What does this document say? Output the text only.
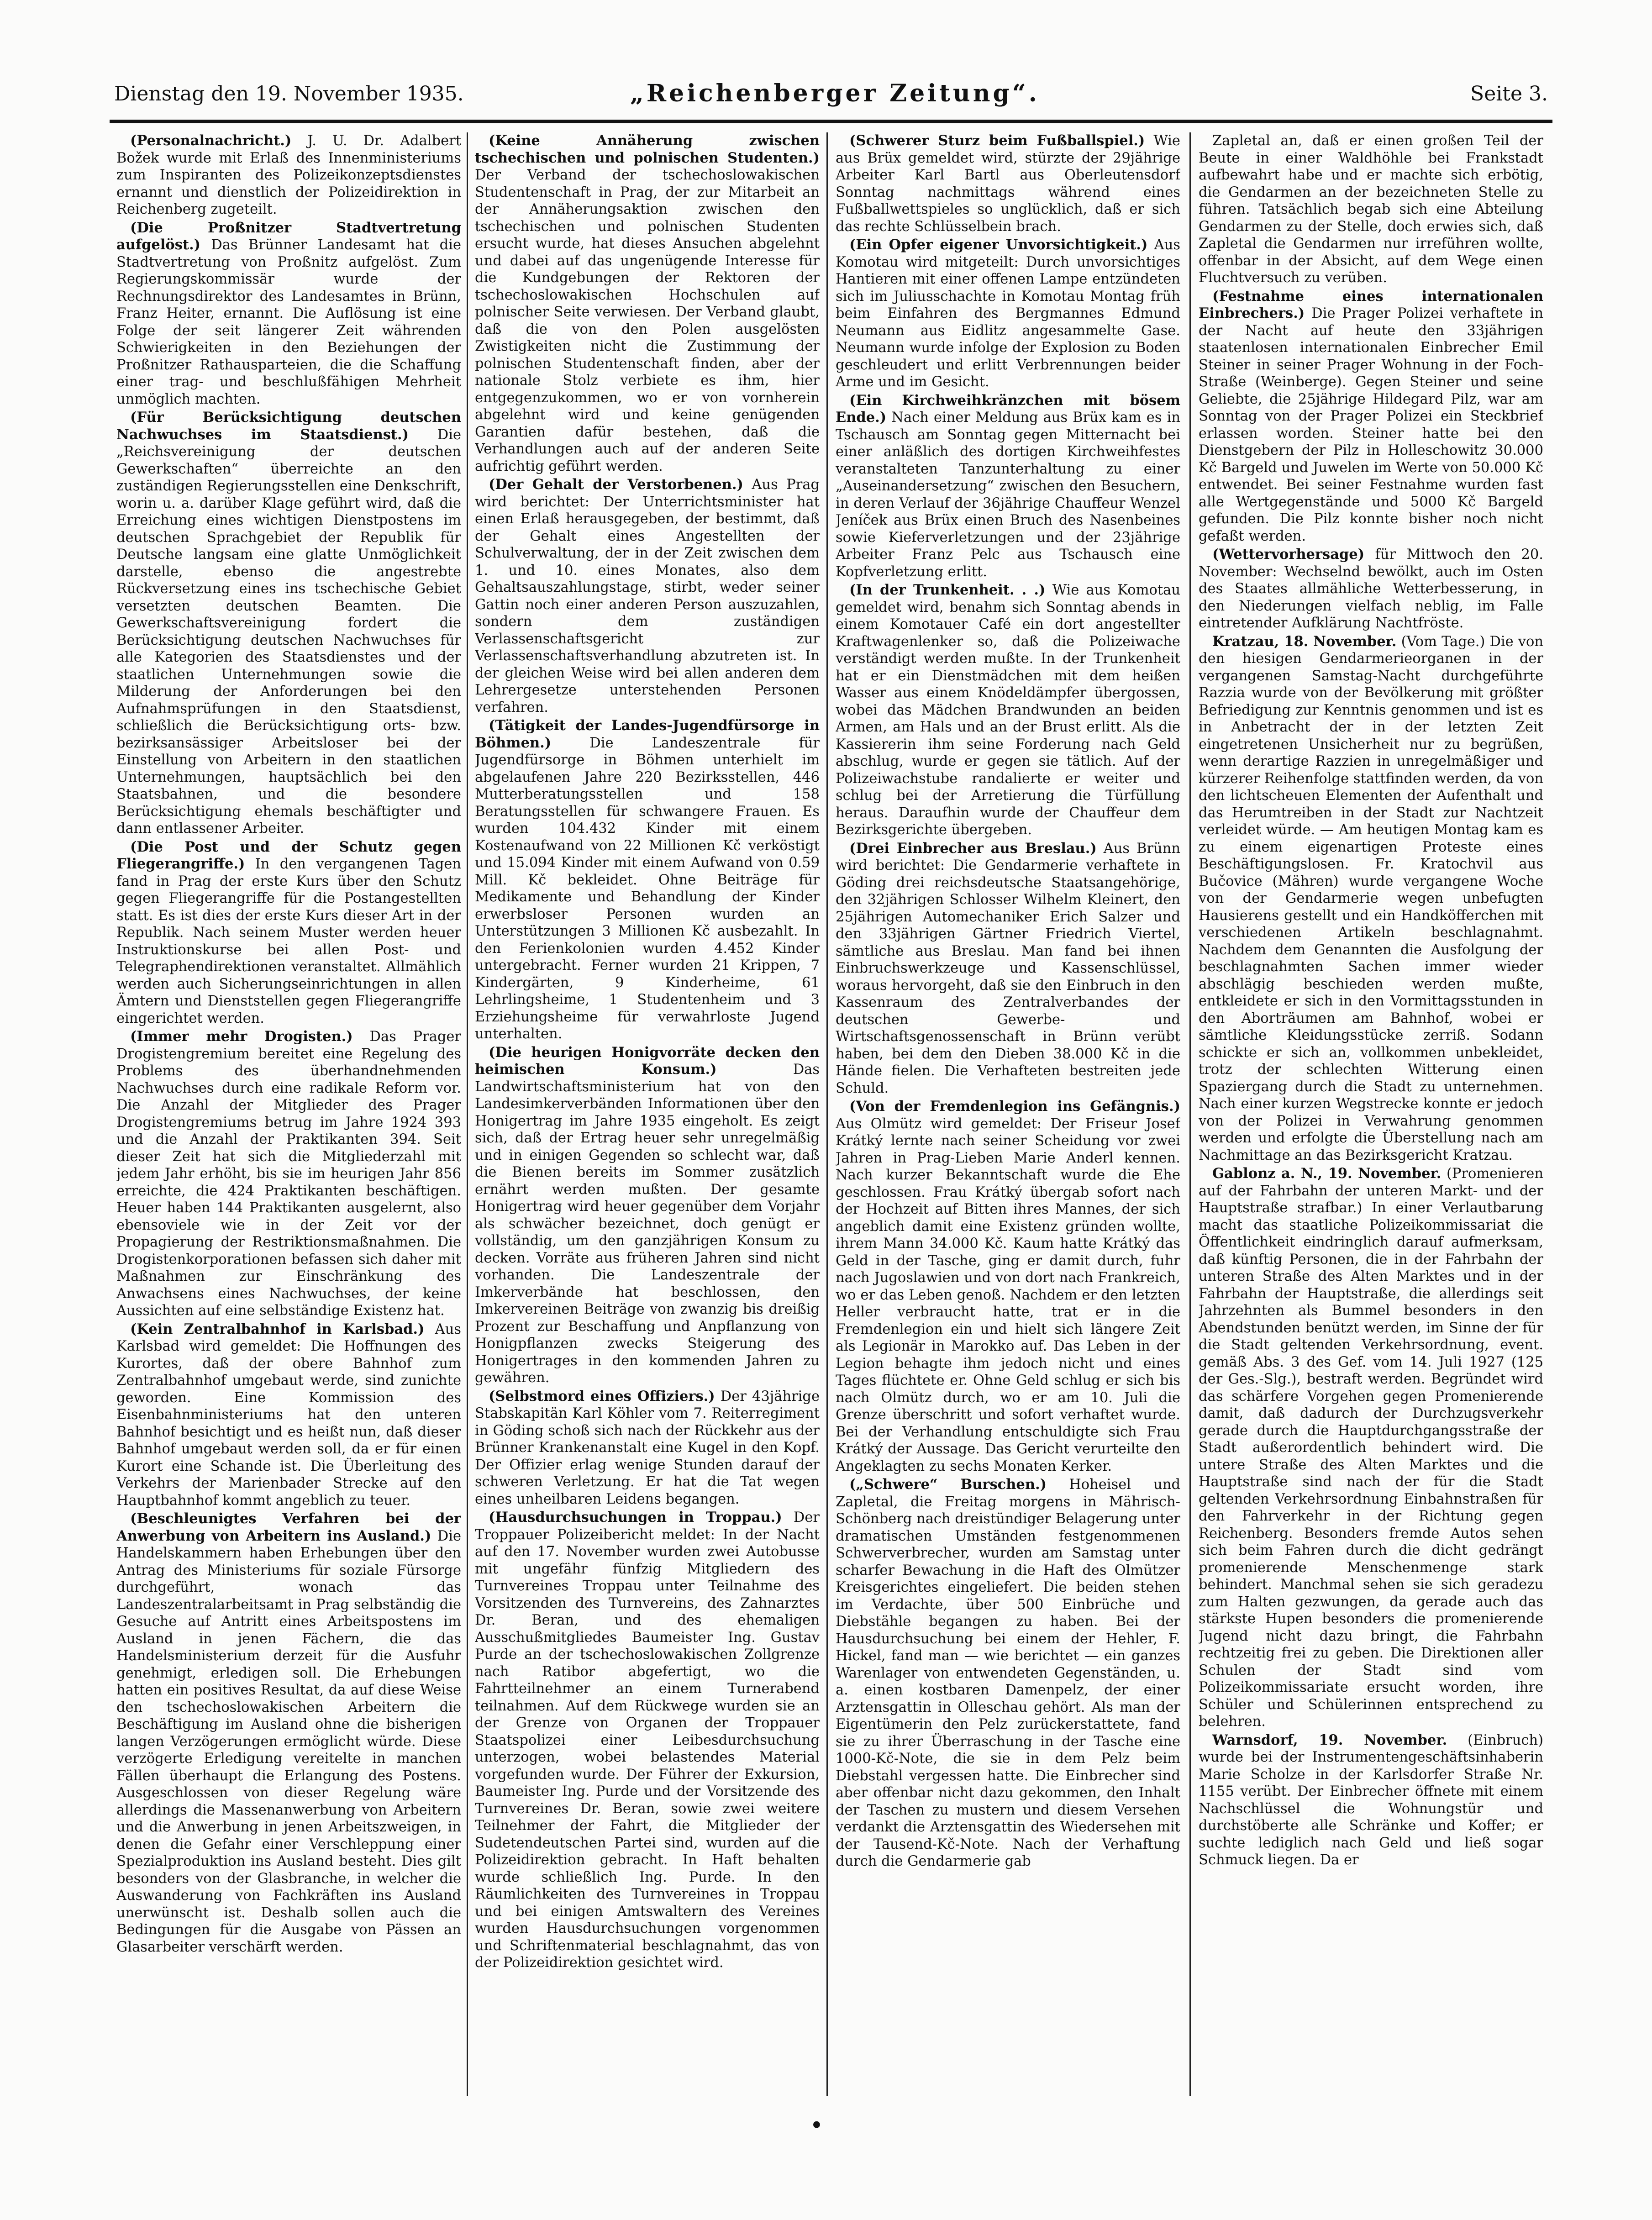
Dienstag den 19. November 1935.	„Reichenberger Zeitung“.	Seite 3.

(Personalnachricht.) J. U. Dr. Adalbert Božek wurde mit Erlaß des Innenministeriums zum Inspiranten des Polizeikonzeptsdienstes ernannt und dienstlich der Polizeidirektion in Reichenberg zugeteilt.

(Die Proßnitzer Stadtvertretung aufgelöst.) Das Brünner Landesamt hat die Stadtvertretung von Proßnitz aufgelöst. Zum Regierungskommissär wurde der Rechnungsdirektor des Landesamtes in Brünn, Franz Heiter, ernannt. Die Auflösung ist eine Folge der seit längerer Zeit währenden Schwierigkeiten in den Beziehungen der Proßnitzer Rathausparteien, die die Schaffung einer trag- und beschlußfähigen Mehrheit unmöglich machten.

(Für Berücksichtigung deutschen Nachwuchses im Staatsdienst.) Die „Reichsvereinigung der deutschen Gewerkschaften“ überreichte an den zuständigen Regierungsstellen eine Denkschrift, worin u. a. darüber Klage geführt wird, daß die Erreichung eines wichtigen Dienstpostens im deutschen Sprachgebiet der Republik für Deutsche langsam eine glatte Unmöglichkeit darstelle, ebenso die angestrebte Rückversetzung eines ins tschechische Gebiet versetzten deutschen Beamten. Die Gewerkschaftsvereinigung fordert die Berücksichtigung deutschen Nachwuchses für alle Kategorien des Staatsdienstes und der staatlichen Unternehmungen sowie die Milderung der Anforderungen bei den Aufnahmsprüfungen in den Staatsdienst, schließlich die Berücksichtigung orts- bzw. bezirksansässiger Arbeitsloser bei der Einstellung von Arbeitern in den staatlichen Unternehmungen, hauptsächlich bei den Staatsbahnen, und die besondere Berücksichtigung ehemals beschäftigter und dann entlassener Arbeiter.

(Die Post und der Schutz gegen Fliegerangriffe.) In den vergangenen Tagen fand in Prag der erste Kurs über den Schutz gegen Fliegerangriffe für die Postangestellten statt. Es ist dies der erste Kurs dieser Art in der Republik. Nach seinem Muster werden heuer Instruktionskurse bei allen Post- und Telegraphendirektionen veranstaltet. Allmählich werden auch Sicherungseinrichtungen in allen Ämtern und Dienststellen gegen Fliegerangriffe eingerichtet werden.

(Immer mehr Drogisten.) Das Prager Drogistengremium bereitet eine Regelung des Problems des überhandnehmenden Nachwuchses durch eine radikale Reform vor. Die Anzahl der Mitglieder des Prager Drogistengremiums betrug im Jahre 1924 393 und die Anzahl der Praktikanten 394. Seit dieser Zeit hat sich die Mitgliederzahl mit jedem Jahr erhöht, bis sie im heurigen Jahr 856 erreichte, die 424 Praktikanten beschäftigen. Heuer haben 144 Praktikanten ausgelernt, also ebensoviele wie in der Zeit vor der Propagierung der Restriktionsmaßnahmen. Die Drogistenkorporationen befassen sich daher mit Maßnahmen zur Einschränkung des Anwachsens eines Nachwuchses, der keine Aussichten auf eine selbständige Existenz hat.

(Kein Zentralbahnhof in Karlsbad.) Aus Karlsbad wird gemeldet: Die Hoffnungen des Kurortes, daß der obere Bahnhof zum Zentralbahnhof umgebaut werde, sind zunichte geworden. Eine Kommission des Eisenbahnministeriums hat den unteren Bahnhof besichtigt und es heißt nun, daß dieser Bahnhof umgebaut werden soll, da er für einen Kurort eine Schande ist. Die Überleitung des Verkehrs der Marienbader Strecke auf den Hauptbahnhof kommt angeblich zu teuer.

(Beschleunigtes Verfahren bei der Anwerbung von Arbeitern ins Ausland.) Die Handelskammern haben Erhebungen über den Antrag des Ministeriums für soziale Fürsorge durchgeführt, wonach das Landeszentralarbeitsamt in Prag selbständig die Gesuche auf Antritt eines Arbeitspostens im Ausland in jenen Fächern, die das Handelsministerium derzeit für die Ausfuhr genehmigt, erledigen soll. Die Erhebungen hatten ein positives Resultat, da auf diese Weise den tschechoslowakischen Arbeitern die Beschäftigung im Ausland ohne die bisherigen langen Verzögerungen ermöglicht würde. Diese verzögerte Erledigung vereitelte in manchen Fällen überhaupt die Erlangung des Postens. Ausgeschlossen von dieser Regelung wäre allerdings die Massenanwerbung von Arbeitern und die Anwerbung in jenen Arbeitszweigen, in denen die Gefahr einer Verschleppung einer Spezialproduktion ins Ausland besteht. Dies gilt besonders von der Glasbranche, in welcher die Auswanderung von Fachkräften ins Ausland unerwünscht ist. Deshalb sollen auch die Bedingungen für die Ausgabe von Pässen an Glasarbeiter verschärft werden.

(Keine Annäherung zwischen tschechischen und polnischen Studenten.) Der Verband der tschechoslowakischen Studentenschaft in Prag, der zur Mitarbeit an der Annäherungsaktion zwischen den tschechischen und polnischen Studenten ersucht wurde, hat dieses Ansuchen abgelehnt und dabei auf das ungenügende Interesse für die Kundgebungen der Rektoren der tschechoslowakischen Hochschulen auf polnischer Seite verwiesen. Der Verband glaubt, daß die von den Polen ausgelösten Zwistigkeiten nicht die Zustimmung der polnischen Studentenschaft finden, aber der nationale Stolz verbiete es ihm, hier entgegenzukommen, wo er von vornherein abgelehnt wird und keine genügenden Garantien dafür bestehen, daß die Verhandlungen auch auf der anderen Seite aufrichtig geführt werden.

(Der Gehalt der Verstorbenen.) Aus Prag wird berichtet: Der Unterrichtsminister hat einen Erlaß herausgegeben, der bestimmt, daß der Gehalt eines Angestellten der Schulverwaltung, der in der Zeit zwischen dem 1. und 10. eines Monates, also dem Gehaltsauszahlungstage, stirbt, weder seiner Gattin noch einer anderen Person auszuzahlen, sondern dem zuständigen Verlassenschaftsgericht zur Verlassenschaftsverhandlung abzutreten ist. In der gleichen Weise wird bei allen anderen dem Lehrergesetze unterstehenden Personen verfahren.

(Tätigkeit der Landes-Jugendfürsorge in Böhmen.)	Die Landeszentrale für Jugendfürsorge in Böhmen unterhielt im abgelaufenen Jahre 220 Bezirksstellen, 446 Mutterberatungsstellen und 158 Beratungsstellen für schwangere Frauen. Es wurden 104.432 Kinder mit einem Kostenaufwand von 22 Millionen Kč verköstigt und 15.094 Kinder mit einem Aufwand von 0.59 Mill. Kč bekleidet. Ohne Beiträge für Medikamente und Behandlung der Kinder erwerbsloser Personen wurden an Unterstützungen 3 Millionen Kč ausbezahlt. In den Ferienkolonien wurden 4.452 Kinder untergebracht. Ferner wurden 21 Krippen, 7 Kindergärten, 9 Kinderheime, 61 Lehrlingsheime, 1 Studentenheim und 3 Erziehungsheime für verwahrloste Jugend unterhalten.

(Die heurigen Honigvorräte decken den heimischen Konsum.)	Das Landwirtschaftsministerium hat von den Landesimkerverbänden Informationen über den Honigertrag im Jahre 1935 eingeholt. Es zeigt sich, daß der Ertrag heuer sehr unregelmäßig und in einigen Gegenden so schlecht war, daß die Bienen bereits im Sommer zusätzlich ernährt werden mußten. Der gesamte Honigertrag wird heuer gegenüber dem Vorjahr als schwächer bezeichnet, doch genügt er vollständig, um den ganzjährigen Konsum zu decken. Vorräte aus früheren Jahren sind nicht vorhanden. Die Landeszentrale der Imkerverbände hat beschlossen, den Imkervereinen Beiträge von zwanzig bis dreißig Prozent zur Beschaffung und Anpflanzung von Honigpflanzen zwecks Steigerung des Honigertrages in den kommenden Jahren zu gewähren.

(Selbstmord eines Offiziers.) Der 43jährige Stabskapitän Karl Köhler vom 7. Reiterregiment in Göding schoß sich nach der Rückkehr aus der Brünner Krankenanstalt eine Kugel in den Kopf. Der Offizier erlag wenige Stunden darauf der schweren Verletzung. Er hat die Tat wegen eines unheilbaren Leidens begangen.

(Hausdurchsuchungen in Troppau.) Der Troppauer Polizeibericht meldet: In der Nacht auf den 17. November wurden zwei Autobusse mit ungefähr fünfzig Mitgliedern des Turnvereines Troppau unter Teilnahme des Vorsitzenden des Turnvereins, des Zahnarztes Dr. Beran, und des ehemaligen Ausschußmitgliedes Baumeister Ing. Gustav Purde an der tschechoslowakischen Zollgrenze nach Ratibor abgefertigt, wo die Fahrtteilnehmer an einem Turnerabend teilnahmen. Auf dem Rückwege wurden sie an der Grenze von Organen der Troppauer Staatspolizei einer Leibesdurchsuchung unterzogen, wobei belastendes Material vorgefunden wurde. Der Führer der Exkursion, Baumeister Ing. Purde und der Vorsitzende des Turnvereines Dr. Beran, sowie zwei weitere Teilnehmer der Fahrt, die Mitglieder der Sudetendeutschen Partei sind, wurden auf die Polizeidirektion gebracht. In Haft behalten wurde schließlich Ing. Purde. In den Räumlichkeiten des Turnvereines in Troppau und bei einigen Amtswaltern des Vereines wurden Hausdurchsuchungen vorgenommen und Schriftenmaterial beschlagnahmt, das von der Polizeidirektion gesichtet wird.

(Schwerer Sturz beim Fußballspiel.) Wie aus Brüx gemeldet wird, stürzte der 29jährige Arbeiter Karl Bartl aus Oberleutensdorf Sonntag nachmittags während eines Fußballwettspieles so unglücklich, daß er sich das rechte Schlüsselbein brach.

(Ein Opfer eigener Unvorsichtigkeit.) Aus Komotau wird mitgeteilt: Durch unvorsichtiges Hantieren mit einer offenen Lampe entzündeten sich im Juliusschachte in Komotau Montag früh beim Einfahren des Bergmannes Edmund Neumann aus Eidlitz angesammelte Gase. Neumann wurde infolge der Explosion zu Boden geschleudert und erlitt Verbrennungen beider Arme und im Gesicht.

(Ein Kirchweihkränzchen mit bösem Ende.) Nach einer Meldung aus Brüx kam es in Tschausch am Sonntag gegen Mitternacht bei einer anläßlich des dortigen Kirchweihfestes veranstalteten Tanzunterhaltung zu einer „Auseinandersetzung“ zwischen den Besuchern, in deren Verlauf der 36jährige Chauffeur Wenzel Jeníček aus Brüx einen Bruch des Nasenbeines sowie Kieferverletzungen und der 23jährige Arbeiter Franz Pelc aus Tschausch eine Kopfverletzung erlitt.

(In der Trunkenheit. . .) Wie aus Komotau gemeldet wird, benahm sich Sonntag abends in einem Komotauer Café ein dort angestellter Kraftwagenlenker so, daß die Polizeiwache verständigt werden mußte. In der Trunkenheit hat er ein Dienstmädchen mit dem heißen Wasser aus einem Knödeldämpfer übergossen, wobei das Mädchen Brandwunden an beiden Armen, am Hals und an der Brust erlitt. Als die Kassiererin ihm seine Forderung nach Geld abschlug, wurde er gegen sie tätlich. Auf der Polizeiwachstube randalierte er weiter und schlug bei der Arretierung die Türfüllung heraus. Daraufhin wurde der Chauffeur dem Bezirksgerichte übergeben.

(Drei Einbrecher aus Breslau.) Aus Brünn wird berichtet: Die Gendarmerie verhaftete in Göding drei reichsdeutsche Staatsangehörige, den 32jährigen Schlosser Wilhelm Kleinert, den 25jährigen Automechaniker Erich Salzer und den 33jährigen Gärtner Friedrich Viertel, sämtliche aus Breslau. Man fand bei ihnen Einbruchswerkzeuge und Kassenschlüssel, woraus hervorgeht, daß sie den Einbruch in den Kassenraum des Zentralverbandes der deutschen Gewerbe- und Wirtschaftsgenossenschaft in Brünn verübt haben, bei dem den Dieben 38.000 Kč in die Hände fielen. Die Verhafteten bestreiten jede Schuld.

(Von der Fremdenlegion ins Gefängnis.) Aus Olmütz wird gemeldet: Der Friseur Josef Krátký lernte nach seiner Scheidung vor zwei Jahren in Prag-Lieben Marie Anderl kennen. Nach kurzer Bekanntschaft wurde die Ehe geschlossen. Frau Krátký übergab sofort nach der Hochzeit auf Bitten ihres Mannes, der sich angeblich damit eine Existenz gründen wollte, ihrem Mann 34.000 Kč. Kaum hatte Krátký das Geld in der Tasche, ging er damit durch, fuhr nach Jugoslawien und von dort nach Frankreich, wo er das Leben genoß. Nachdem er den letzten Heller verbraucht hatte, trat er in die Fremdenlegion ein und hielt sich längere Zeit als Legionär in Marokko auf. Das Leben in der Legion behagte ihm jedoch nicht und eines Tages flüchtete er. Ohne Geld schlug er sich bis nach Olmütz durch, wo er am 10. Juli die Grenze überschritt und sofort verhaftet wurde. Bei der Verhandlung entschuldigte sich Frau Krátký der Aussage. Das Gericht verurteilte den Angeklagten zu sechs Monaten Kerker.

(„Schwere“ Burschen.) Hoheisel und Zapletal, die Freitag morgens in Mährisch-Schönberg nach dreistündiger Belagerung unter dramatischen Umständen festgenommenen Schwerverbrecher, wurden am Samstag unter scharfer Bewachung in die Haft des Olmützer Kreisgerichtes eingeliefert. Die beiden stehen im Verdachte, über 500 Einbrüche und Diebstähle begangen zu haben. Bei der Hausdurchsuchung bei einem der Hehler, F. Hickel, fand man — wie berichtet — ein ganzes Warenlager von entwendeten Gegenständen, u. a. einen kostbaren Damenpelz, der einer Arztensgattin in Olleschau gehört. Als man der Eigentümerin den Pelz zurückerstattete, fand sie zu ihrer Überraschung in der Tasche eine 1000-Kč-Note, die sie in dem Pelz beim Diebstahl vergessen hatte. Die Einbrecher sind aber offenbar nicht dazu gekommen, den Inhalt der Taschen zu mustern und diesem Versehen verdankt die Arztensgattin des Wiedersehen mit der Tausend-Kč-Note. Nach der Verhaftung durch die Gendarmerie gab

Zapletal an, daß er einen großen Teil der Beute in einer Waldhöhle bei Frankstadt aufbewahrt habe und er machte sich erbötig, die Gendarmen an der bezeichneten Stelle zu führen. Tatsächlich begab sich eine Abteilung Gendarmen zu der Stelle, doch erwies sich, daß Zapletal die Gendarmen nur irreführen wollte, offenbar in der Absicht, auf dem Wege einen Fluchtversuch zu verüben.

(Festnahme eines internationalen Einbrechers.) Die Prager Polizei verhaftete in der Nacht auf heute den 33jährigen staatenlosen internationalen Einbrecher Emil Steiner in seiner Prager Wohnung in der Foch-Straße (Weinberge). Gegen Steiner und seine Geliebte, die 25jährige Hildegard Pilz, war am Sonntag von der Prager Polizei ein Steckbrief erlassen worden. Steiner hatte bei den Dienstgebern der Pilz in Holleschowitz 30.000 Kč Bargeld und Juwelen im Werte von 50.000 Kč entwendet. Bei seiner Festnahme wurden fast alle Wertgegenstände und 5000 Kč Bargeld gefunden. Die Pilz konnte bisher noch nicht gefaßt werden.

(Wettervorhersage) für Mittwoch den 20. November: Wechselnd bewölkt, auch im Osten des Staates allmähliche Wetterbesserung, in den Niederungen vielfach neblig, im Falle eintretender Aufklärung Nachtfröste.

Kratzau, 18. November. (Vom Tage.) Die von den hiesigen Gendarmerieorganen in der vergangenen Samstag-Nacht durchgeführte Razzia wurde von der Bevölkerung mit größter Befriedigung zur Kenntnis genommen und ist es in Anbetracht der in der letzten Zeit eingetretenen Unsicherheit nur zu begrüßen, wenn derartige Razzien in unregelmäßiger und kürzerer Reihenfolge stattfinden werden, da von den lichtscheuen Elementen der Aufenthalt und das Herumtreiben in der Stadt zur Nachtzeit verleidet würde. — Am heutigen Montag kam es zu einem eigenartigen Proteste eines Beschäftigungslosen. Fr. Kratochvil aus Bučovice (Mähren) wurde vergangene Woche von der Gendarmerie wegen unbefugten Hausierens gestellt und ein Handköfferchen mit verschiedenen Artikeln beschlagnahmt. Nachdem dem Genannten die Ausfolgung der beschlagnahmten Sachen immer wieder abschlägig beschieden werden mußte, entkleidete er sich in den Vormittagsstunden in den Aborträumen am Bahnhof, wobei er sämtliche Kleidungsstücke zerriß. Sodann schickte er sich an, vollkommen unbekleidet, trotz der schlechten Witterung einen Spaziergang durch die Stadt zu unternehmen. Nach einer kurzen Wegstrecke konnte er jedoch von der Polizei in Verwahrung genommen werden und erfolgte die Überstellung nach am Nachmittage an das Bezirksgericht Kratzau.

Gablonz a. N., 19. November. (Promenieren auf der Fahrbahn der unteren Markt- und der Hauptstraße strafbar.) In einer Verlautbarung macht das staatliche Polizeikommissariat die Öffentlichkeit eindringlich darauf aufmerksam, daß künftig Personen, die in der Fahrbahn der unteren Straße des Alten Marktes und in der Fahrbahn der Hauptstraße, die allerdings seit Jahrzehnten als Bummel besonders in den Abendstunden benützt werden, im Sinne der für die Stadt geltenden Verkehrsordnung, event. gemäß Abs. 3 des Gef. vom 14. Juli 1927 (125 der Ges.-Slg.), bestraft werden. Begründet wird das schärfere Vorgehen gegen Promenierende damit, daß dadurch der Durchzugsverkehr gerade durch die Hauptdurchgangsstraße der Stadt außerordentlich behindert wird. Die untere Straße des Alten Marktes und die Hauptstraße sind nach der für die Stadt geltenden Verkehrsordnung Einbahnstraßen für den Fahrverkehr in der Richtung gegen Reichenberg. Besonders fremde Autos sehen sich beim Fahren durch die dicht gedrängt promenierende Menschenmenge stark behindert. Manchmal sehen sie sich geradezu zum Halten gezwungen, da gerade auch das stärkste Hupen besonders die promenierende Jugend nicht dazu bringt, die Fahrbahn rechtzeitig frei zu geben. Die Direktionen aller Schulen der Stadt sind vom Polizeikommissariate ersucht worden, ihre Schüler und Schülerinnen entsprechend zu belehren.

Warnsdorf, 19. November. (Einbruch) wurde bei der Instrumentengeschäftsinhaberin Marie Scholze in der Karlsdorfer Straße Nr. 1155 verübt. Der Einbrecher öffnete mit einem Nachschlüssel die Wohnungstür und durchstöberte alle Schränke und Koffer; er suchte lediglich nach Geld und ließ sogar Schmuck liegen. Da er

•
